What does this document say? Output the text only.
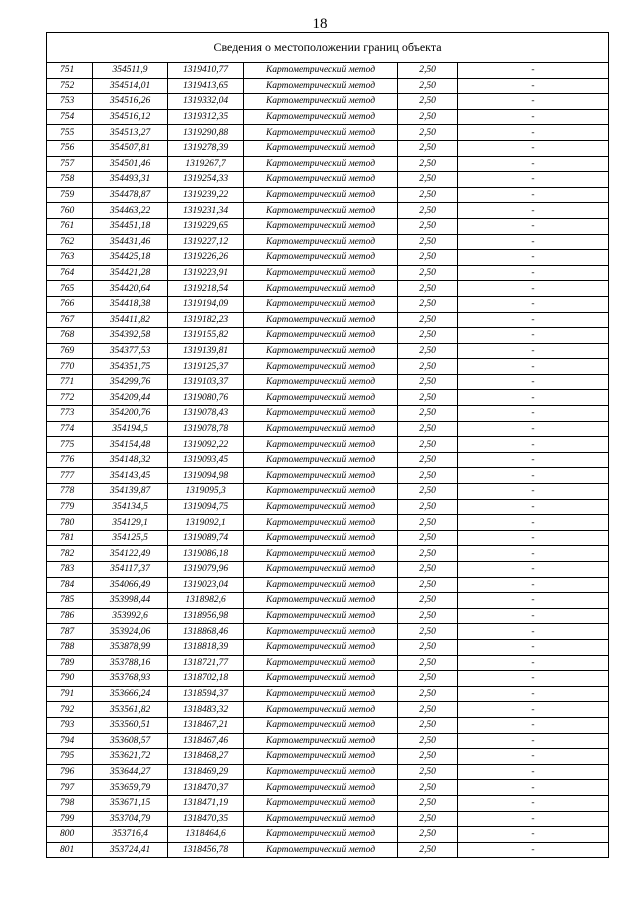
18
Сведения о местоположении границ объекта					
751	354511,9	1319410,77	Картометрический метод	2,50	-
752	354514,01	1319413,65	Картометрический метод	2,50	-
753	354516,26	1319332,04	Картометрический метод	2,50	-
754	354516,12	1319312,35	Картометрический метод	2,50	-
755	354513,27	1319290,88	Картометрический метод	2,50	-
756	354507,81	1319278,39	Картометрический метод	2,50	-
757	354501,46	1319267,7	Картометрический метод	2,50	-
758	354493,31	1319254,33	Картометрический метод	2,50	-
759	354478,87	1319239,22	Картометрический метод	2,50	-
760	354463,22	1319231,34	Картометрический метод	2,50	-
761	354451,18	1319229,65	Картометрический метод	2,50	-
762	354431,46	1319227,12	Картометрический метод	2,50	-
763	354425,18	1319226,26	Картометрический метод	2,50	-
764	354421,28	1319223,91	Картометрический метод	2,50	-
765	354420,64	1319218,54	Картометрический метод	2,50	-
766	354418,38	1319194,09	Картометрический метод	2,50	-
767	354411,82	1319182,23	Картометрический метод	2,50	-
768	354392,58	1319155,82	Картометрический метод	2,50	-
769	354377,53	1319139,81	Картометрический метод	2,50	-
770	354351,75	1319125,37	Картометрический метод	2,50	-
771	354299,76	1319103,37	Картометрический метод	2,50	-
772	354209,44	1319080,76	Картометрический метод	2,50	-
773	354200,76	1319078,43	Картометрический метод	2,50	-
774	354194,5	1319078,78	Картометрический метод	2,50	-
775	354154,48	1319092,22	Картометрический метод	2,50	-
776	354148,32	1319093,45	Картометрический метод	2,50	-
777	354143,45	1319094,98	Картометрический метод	2,50	-
778	354139,87	1319095,3	Картометрический метод	2,50	-
779	354134,5	1319094,75	Картометрический метод	2,50	-
780	354129,1	1319092,1	Картометрический метод	2,50	-
781	354125,5	1319089,74	Картометрический метод	2,50	-
782	354122,49	1319086,18	Картометрический метод	2,50	-
783	354117,37	1319079,96	Картометрический метод	2,50	-
784	354066,49	1319023,04	Картометрический метод	2,50	-
785	353998,44	1318982,6	Картометрический метод	2,50	-
786	353992,6	1318956,98	Картометрический метод	2,50	-
787	353924,06	1318868,46	Картометрический метод	2,50	-
788	353878,99	1318818,39	Картометрический метод	2,50	-
789	353788,16	1318721,77	Картометрический метод	2,50	-
790	353768,93	1318702,18	Картометрический метод	2,50	-
791	353666,24	1318594,37	Картометрический метод	2,50	-
792	353561,82	1318483,32	Картометрический метод	2,50	-
793	353560,51	1318467,21	Картометрический метод	2,50	-
794	353608,57	1318467,46	Картометрический метод	2,50	-
795	353621,72	1318468,27	Картометрический метод	2,50	-
796	353644,27	1318469,29	Картометрический метод	2,50	-
797	353659,79	1318470,37	Картометрический метод	2,50	-
798	353671,15	1318471,19	Картометрический метод	2,50	-
799	353704,79	1318470,35	Картометрический метод	2,50	-
800	353716,4	1318464,6	Картометрический метод	2,50	-
801	353724,41	1318456,78	Картометрический метод	2,50	-
